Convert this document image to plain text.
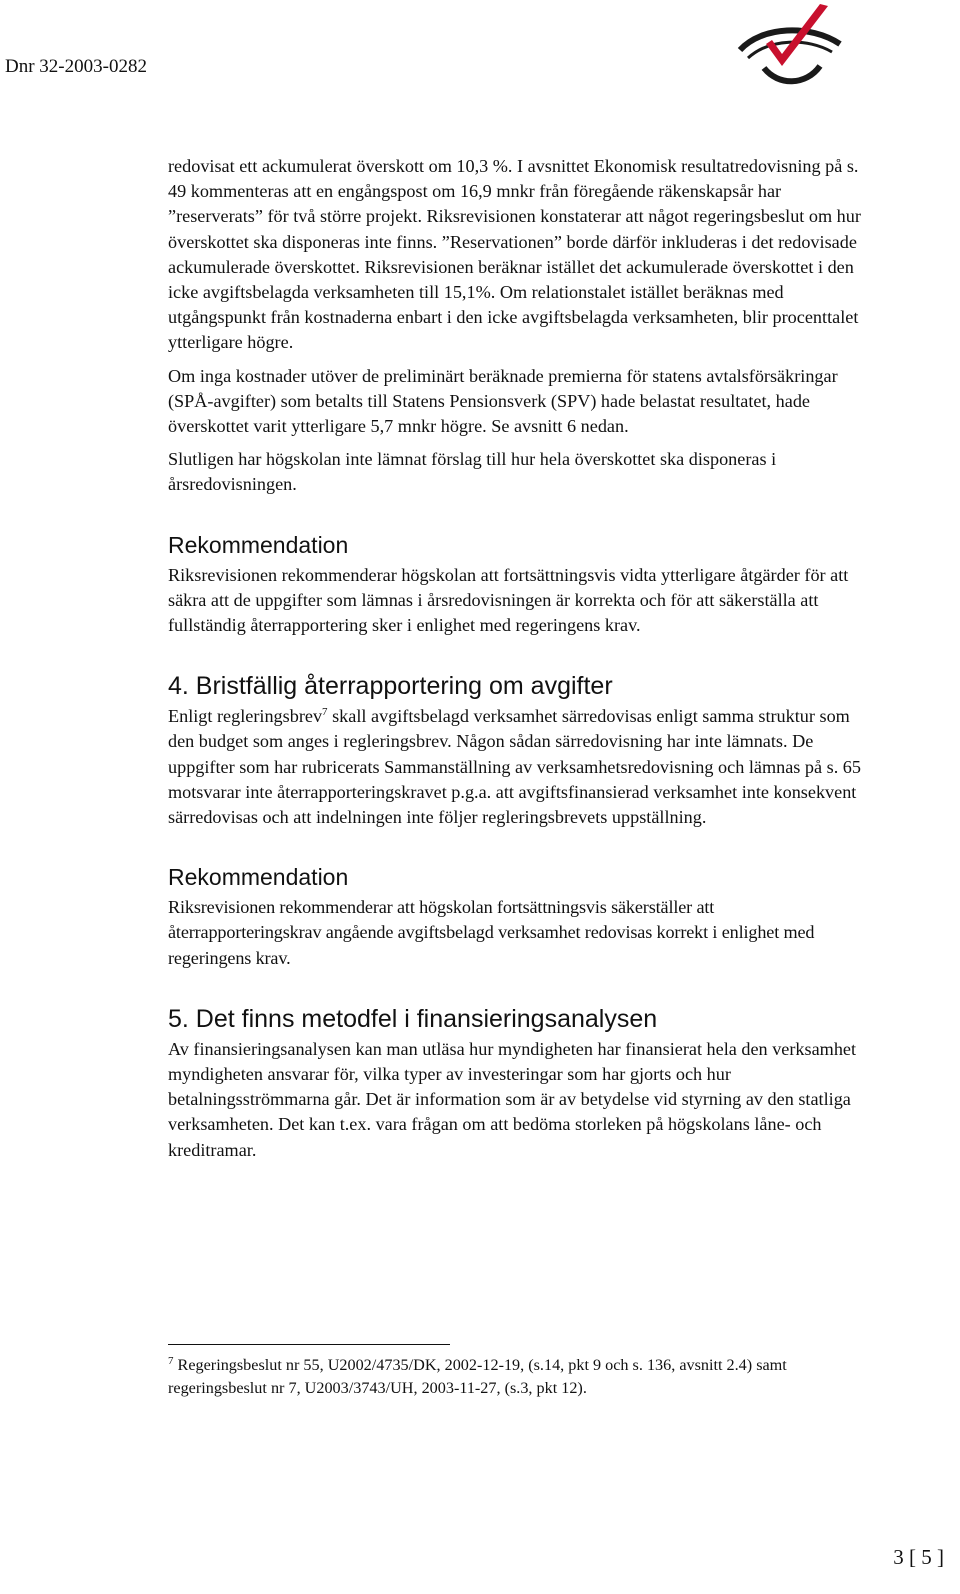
Dnr 32-2003-0282

redovisat ett ackumulerat överskott om 10,3 %. I avsnittet Ekonomisk resultatredovisning på s. 49 kommenteras att en engångspost om 16,9 mnkr från föregående räkenskapsår har ”reserverats” för två större projekt. Riksrevisionen konstaterar att något regeringsbeslut om hur överskottet ska disponeras inte finns. ”Reservationen” borde därför inkluderas i det redovisade ackumulerade överskottet. Riksrevisionen beräknar istället det ackumulerade överskottet i den icke avgiftsbelagda verksamheten till 15,1%. Om relationstalet istället beräknas med utgångspunkt från kostnaderna enbart i den icke avgiftsbelagda verksamheten, blir procenttalet ytterligare högre.

Om inga kostnader utöver de preliminärt beräknade premierna för statens avtalsförsäkringar (SPÅ-avgifter) som betalts till Statens Pensionsverk (SPV) hade belastat resultatet, hade överskottet varit ytterligare 5,7 mnkr högre. Se avsnitt 6 nedan.

Slutligen har högskolan inte lämnat förslag till hur hela överskottet ska disponeras i årsredovisningen.

Rekommendation

Riksrevisionen rekommenderar högskolan att fortsättningsvis vidta ytterligare åtgärder för att säkra att de uppgifter som lämnas i årsredovisningen är korrekta och för att säkerställa att fullständig återrapportering sker i enlighet med regeringens krav.

4. Bristfällig återrapportering om avgifter

Enligt regleringsbrev$^7$ skall avgiftsbelagd verksamhet särredovisas enligt samma struktur som den budget som anges i regleringsbrev. Någon sådan särredovisning har inte lämnats. De uppgifter som har rubricerats Sammanställning av verksamhetsredovisning och lämnas på s. 65 motsvarar inte återrapporteringskravet p.g.a. att avgiftsfinansierad verksamhet inte konsekvent särredovisas och att indelningen inte följer regleringsbrevets uppställning.

Rekommendation

Riksrevisionen rekommenderar att högskolan fortsättningsvis säkerställer att återrapporteringskrav angående avgiftsbelagd verksamhet redovisas korrekt i enlighet med regeringens krav.

5. Det finns metodfel i finansieringsanalysen

Av finansieringsanalysen kan man utläsa hur myndigheten har finansierat hela den verksamhet myndigheten ansvarar för, vilka typer av investeringar som har gjorts och hur betalningsströmmarna går. Det är information som är av betydelse vid styrning av den statliga verksamheten. Det kan t.ex. vara frågan om att bedöma storleken på högskolans låne- och kreditramar.

$^7$ Regeringsbeslut nr 55, U2002/4735/DK, 2002-12-19, (s.14, pkt 9 och s. 136, avsnitt 2.4) samt regeringsbeslut nr 7, U2003/3743/UH, 2003-11-27, (s.3, pkt 12).

3 [ 5 ]
